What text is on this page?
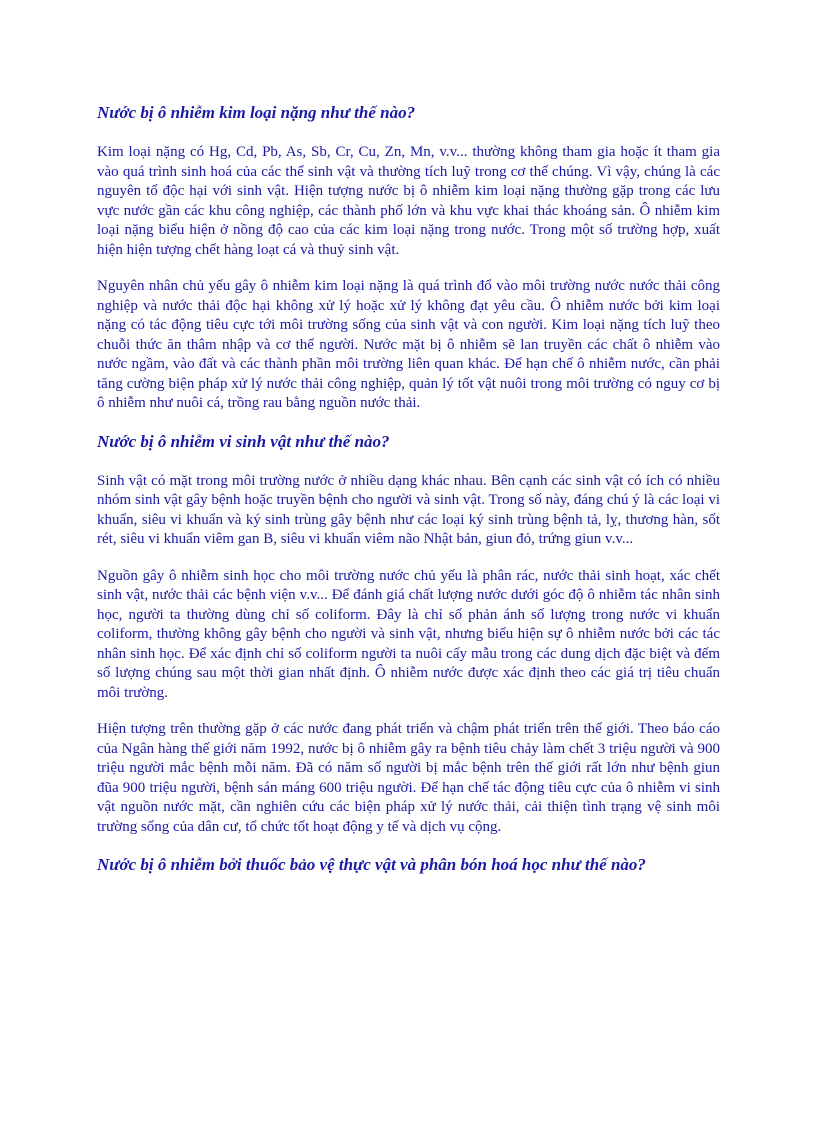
Nước bị ô nhiễm kim loại nặng như thế nào?

Kim loại nặng có Hg, Cd, Pb, As, Sb, Cr, Cu, Zn, Mn, v.v... thường không tham gia hoặc ít tham gia vào quá trình sinh hoá của các thể sinh vật và thường tích luỹ trong cơ thể chúng. Vì vậy, chúng là các nguyên tố độc hại với sinh vật. Hiện tượng nước bị ô nhiễm kim loại nặng thường gặp trong các lưu vực nước gần các khu công nghiệp, các thành phố lớn và khu vực khai thác khoáng sản. Ô nhiễm kim loại nặng biểu hiện ở nồng độ cao của các kim loại nặng trong nước. Trong một số trường hợp, xuất hiện hiện tượng chết hàng loạt cá và thuỷ sinh vật.

Nguyên nhân chủ yếu gây ô nhiễm kim loại nặng là quá trình đổ vào môi trường nước nước thải công nghiệp và nước thải độc hại không xử lý hoặc xử lý không đạt yêu cầu. Ô nhiễm nước bởi kim loại nặng có tác động tiêu cực tới môi trường sống của sinh vật và con người. Kim loại nặng tích luỹ theo chuỗi thức ăn thâm nhập và cơ thể người. Nước mặt bị ô nhiễm sẽ lan truyền các chất ô nhiễm vào nước ngầm, vào đất và các thành phần môi trường liên quan khác. Để hạn chế ô nhiễm nước, cần phải tăng cường biện pháp xử lý nước thải công nghiệp, quản lý tốt vật nuôi trong môi trường có nguy cơ bị ô nhiễm như nuôi cá, trồng rau bằng nguồn nước thải.

Nước bị ô nhiễm vi sinh vật như thế nào?

Sinh vật có mặt trong môi trường nước ở nhiều dạng khác nhau. Bên cạnh các sinh vật có ích có nhiều nhóm sinh vật gây bệnh hoặc truyền bệnh cho người và sinh vật. Trong số này, đáng chú ý là các loại vi khuẩn, siêu vi khuẩn và ký sinh trùng gây bệnh như các loại ký sinh trùng bệnh tả, lỵ, thương hàn, sốt rét, siêu vi khuẩn viêm gan B, siêu vi khuẩn viêm não Nhật bản, giun đỏ, trứng giun v.v...

Nguồn gây ô nhiễm sinh học cho môi trường nước chủ yếu là phân rác, nước thải sinh hoạt, xác chết sinh vật, nước thải các bệnh viện v.v... Để đánh giá chất lượng nước dưới góc độ ô nhiễm tác nhân sinh học, người ta thường dùng chỉ số coliform. Đây là chỉ số phản ánh số lượng trong nước vi khuẩn coliform, thường không gây bệnh cho người và sinh vật, nhưng biểu hiện sự ô nhiễm nước bởi các tác nhân sinh học. Để xác định chỉ số coliform người ta nuôi cấy mẫu trong các dung dịch đặc biệt và đếm số lượng chúng sau một thời gian nhất định. Ô nhiễm nước được xác định theo các giá trị tiêu chuẩn môi trường.

Hiện tượng trên thường gặp ở các nước đang phát triển và chậm phát triển trên thế giới. Theo báo cáo của Ngân hàng thế giới năm 1992, nước bị ô nhiễm gây ra bệnh tiêu chảy làm chết 3 triệu người và 900 triệu người mắc bệnh mỗi năm. Đã có năm số người bị mắc bệnh trên thế giới rất lớn như bệnh giun đũa 900 triệu người, bệnh sán máng 600 triệu người. Để hạn chế tác động tiêu cực của ô nhiễm vi sinh vật nguồn nước mặt, cần nghiên cứu các biện pháp xử lý nước thải, cải thiện tình trạng vệ sinh môi trường sống của dân cư, tổ chức tốt hoạt động y tế và dịch vụ cộng.

Nước bị ô nhiễm bởi thuốc bảo vệ thực vật và phân bón hoá học như thế nào?
